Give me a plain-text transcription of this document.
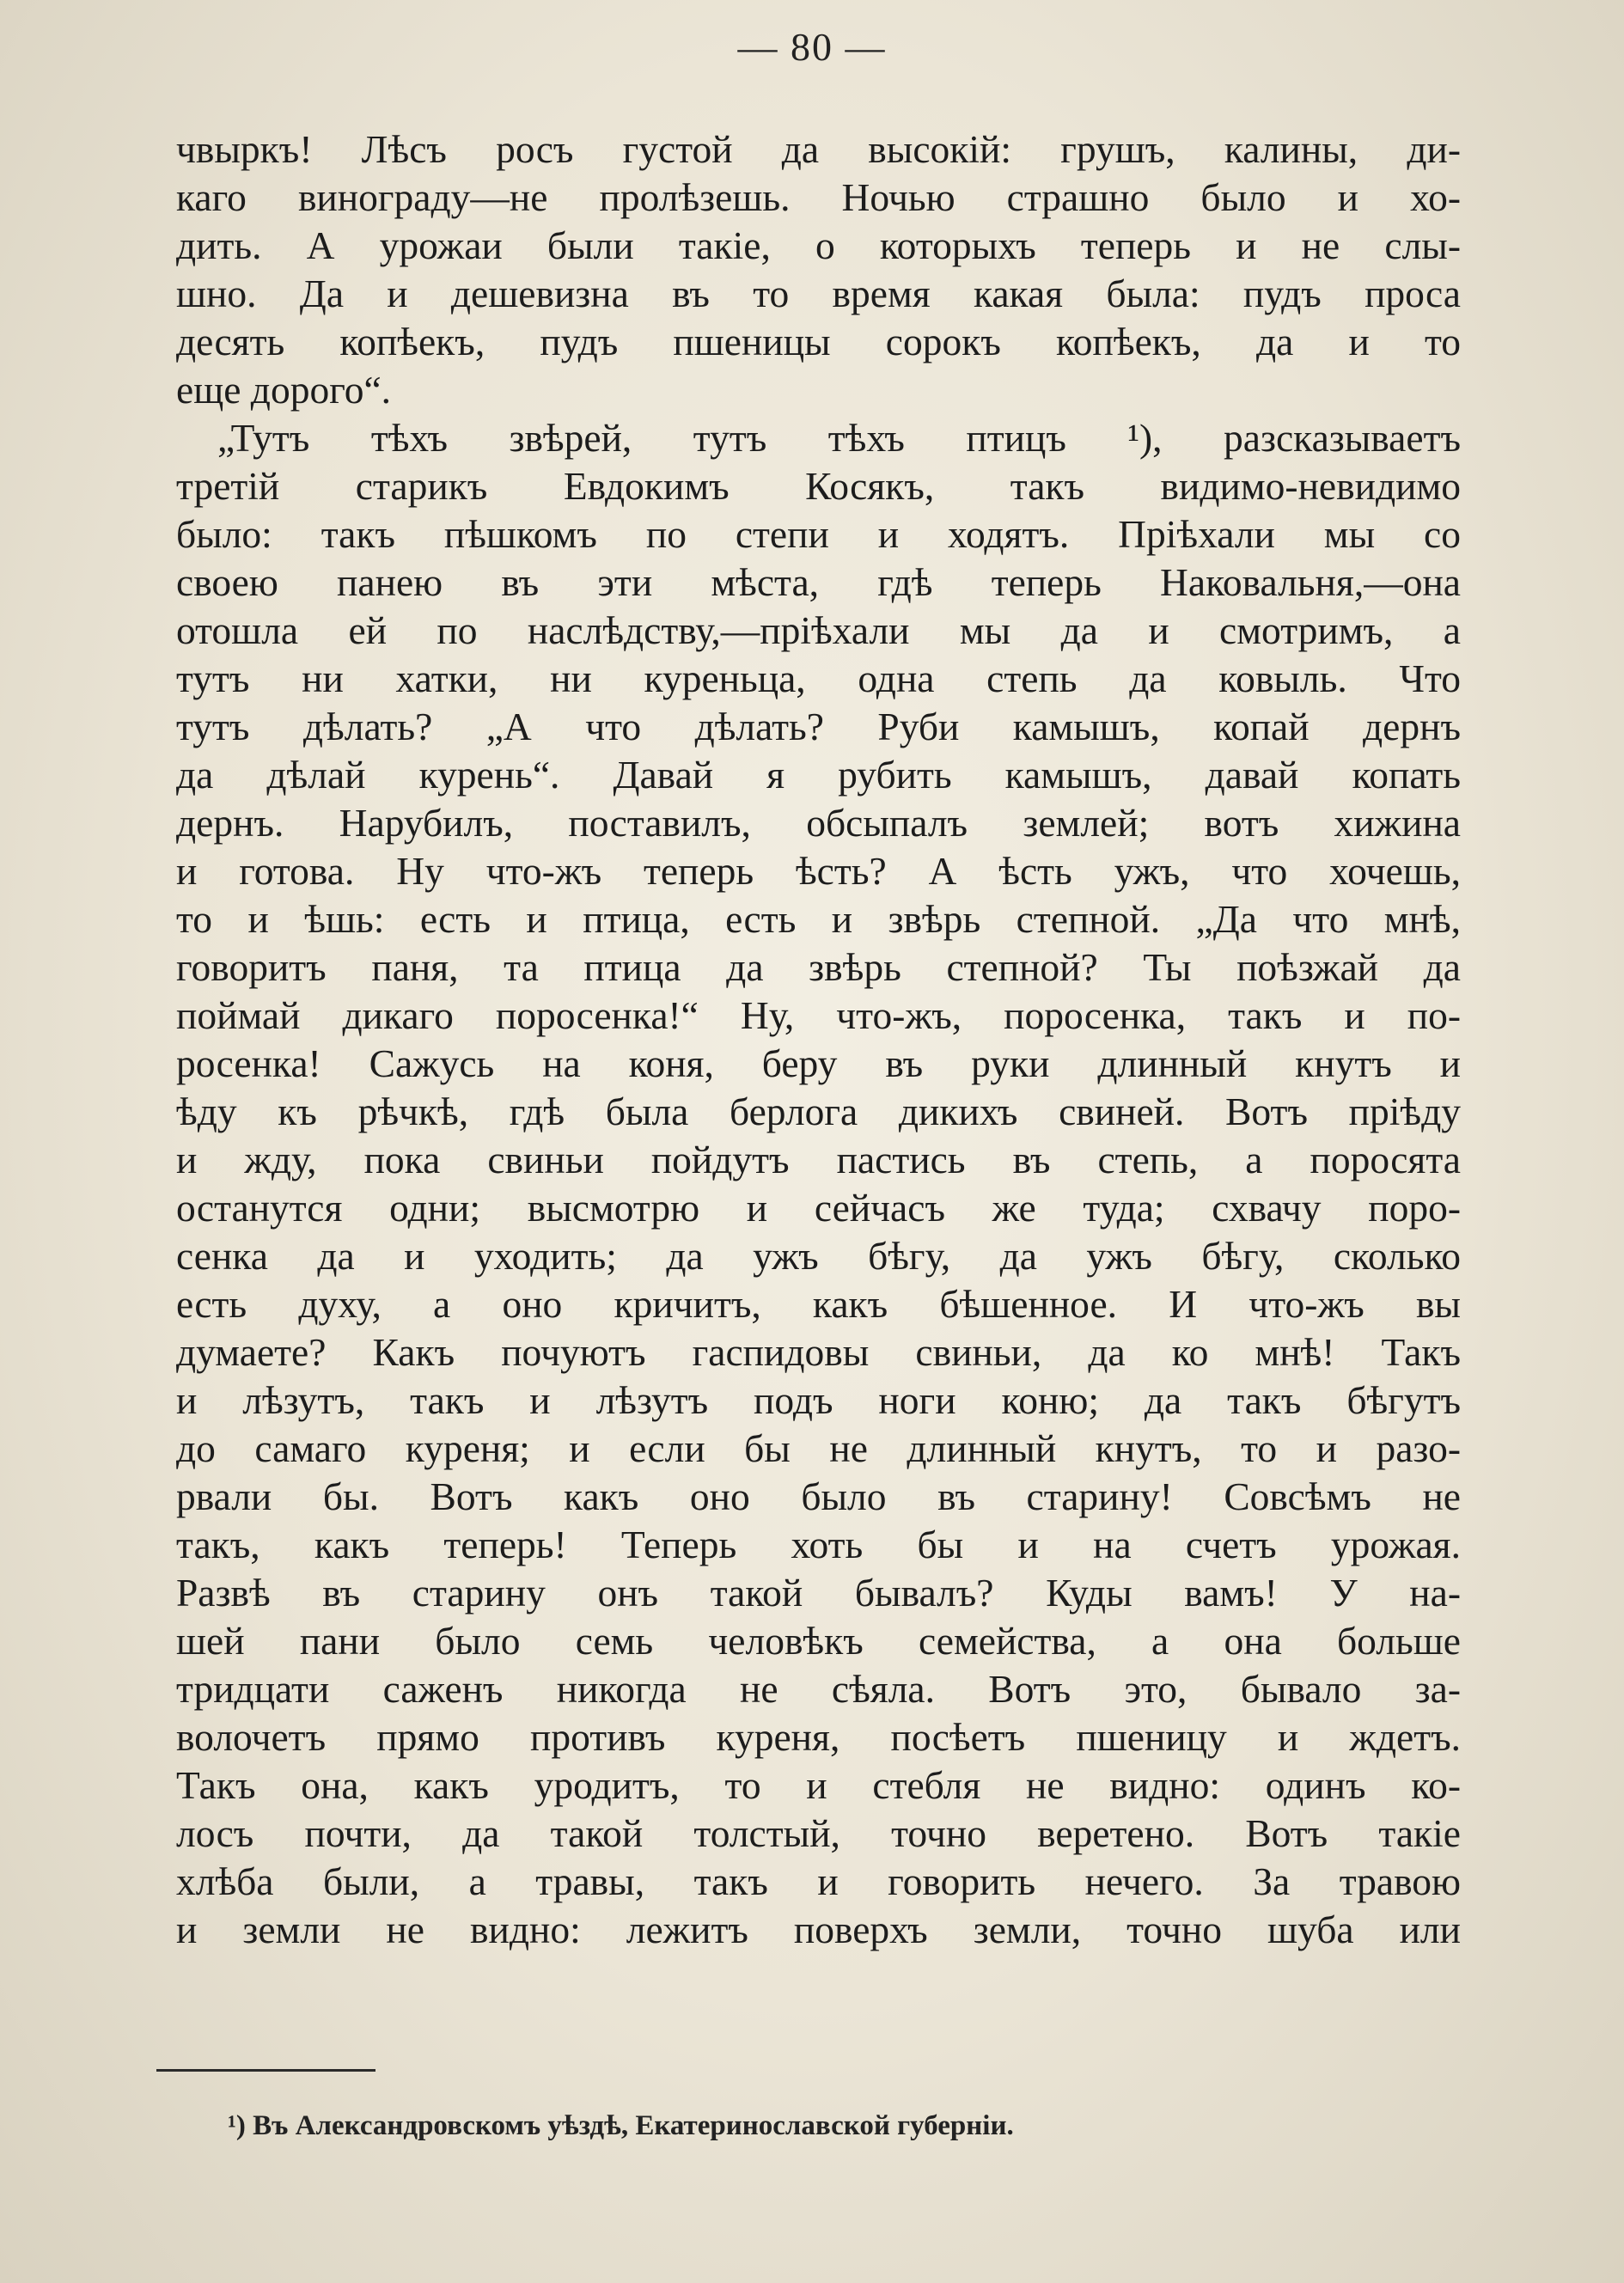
— 80 —
чвыркъ! Лѣсъ росъ густой да высокій: грушъ, калины, ди-
каго винограду—не пролѣзешь. Ночью страшно было и хо-
дить. А урожаи были такіе, о которыхъ теперь и не слы-
шно. Да и дешевизна въ то время какая была: пудъ проса
десять копѣекъ, пудъ пшеницы сорокъ копѣекъ, да и то
еще дорого“.
„Тутъ тѣхъ звѣрей, тутъ тѣхъ птицъ ¹), разсказываетъ
третій старикъ Евдокимъ Косякъ, такъ видимо-невидимо
было: такъ пѣшкомъ по степи и ходятъ. Пріѣхали мы со
своею панею въ эти мѣста, гдѣ теперь Наковальня,—она
отошла ей по наслѣдству,—пріѣхали мы да и смотримъ, а
тутъ ни хатки, ни куреньца, одна степь да ковыль. Что
тутъ дѣлать? „А что дѣлать? Руби камышъ, копай дернъ
да дѣлай курень“. Давай я рубить камышъ, давай копать
дернъ. Нарубилъ, поставилъ, обсыпалъ землей; вотъ хижина
и готова. Ну что-жъ теперь ѣсть? А ѣсть ужъ, что хочешь,
то и ѣшь: есть и птица, есть и звѣрь степной. „Да что мнѣ,
говоритъ паня, та птица да звѣрь степной? Ты поѣзжай да
поймай дикаго поросенка!“ Ну, что-жъ, поросенка, такъ и по-
росенка! Сажусь на коня, беру въ руки длинный кнутъ и
ѣду къ рѣчкѣ, гдѣ была берлога дикихъ свиней. Вотъ пріѣду
и жду, пока свиньи пойдутъ пастись въ степь, а поросята
останутся одни; высмотрю и сейчасъ же туда; схвачу поро-
сенка да и уходить; да ужъ бѣгу, да ужъ бѣгу, сколько
есть духу, а оно кричитъ, какъ бѣшенное. И что-жъ вы
думаете? Какъ почуютъ гаспидовы свиньи, да ко мнѣ! Такъ
и лѣзутъ, такъ и лѣзутъ подъ ноги коню; да такъ бѣгутъ
до самаго куреня; и если бы не длинный кнутъ, то и разо-
рвали бы. Вотъ какъ оно было въ старину! Совсѣмъ не
такъ, какъ теперь! Теперь хоть бы и на счетъ урожая.
Развѣ въ старину онъ такой бывалъ? Куды вамъ! У на-
шей пани было семь человѣкъ семейства, а она больше
тридцати саженъ никогда не сѣяла. Вотъ это, бывало за-
волочетъ прямо противъ куреня, посѣетъ пшеницу и ждетъ.
Такъ она, какъ уродитъ, то и стебля не видно: одинъ ко-
лосъ почти, да такой толстый, точно веретено. Вотъ такіе
хлѣба были, а травы, такъ и говорить нечего. За травою
и земли не видно: лежитъ поверхъ земли, точно шуба или
¹) Въ Александровскомъ уѣздѣ, Екатеринославской губерніи.
